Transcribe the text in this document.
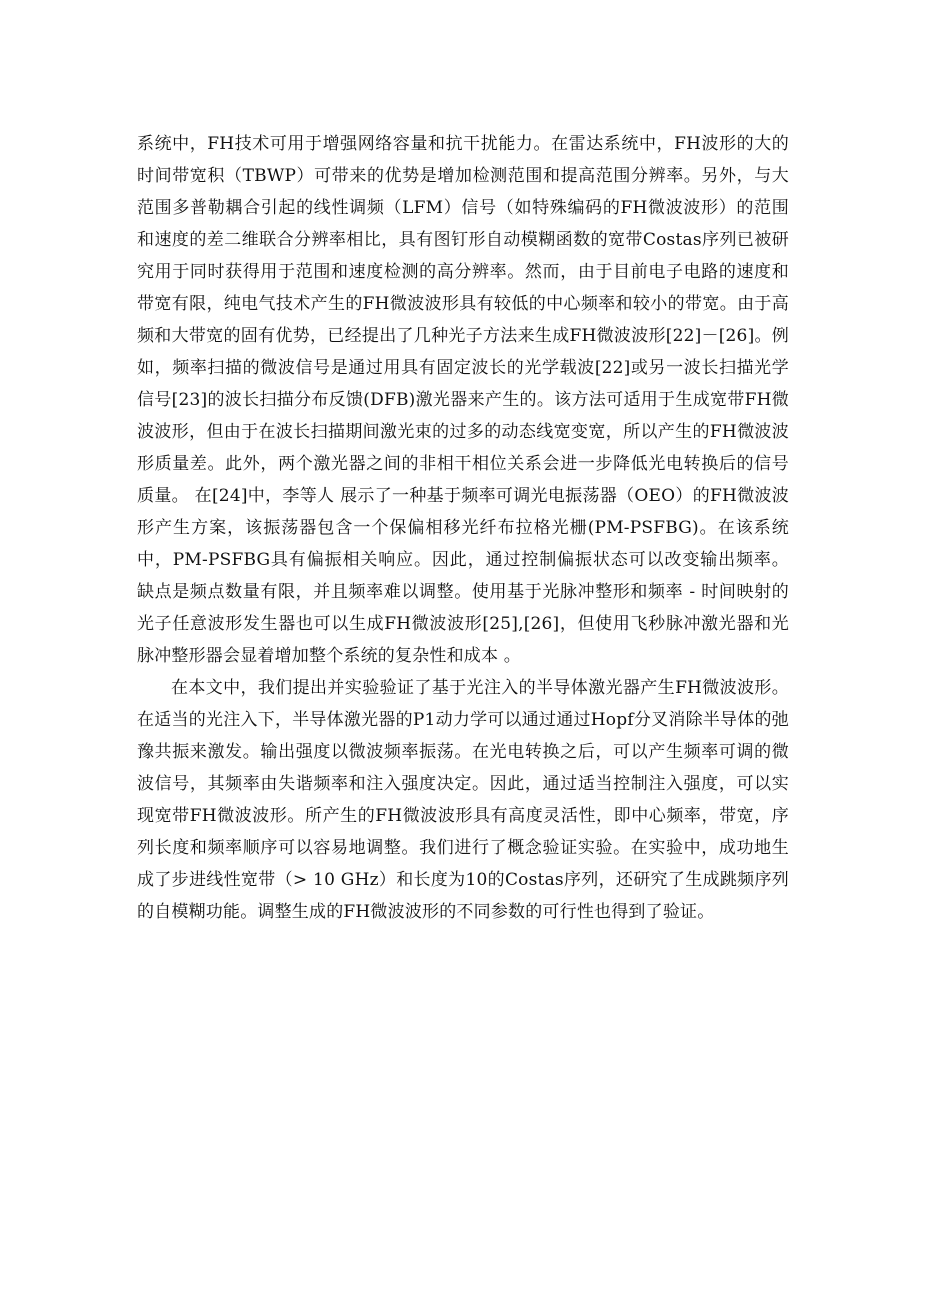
系统中，FH技术可用于增强网络容量和抗干扰能力。在雷达系统中，FH波形的大的时间带宽积（TBWP）可带来的优势是增加检测范围和提高范围分辨率。另外，与大范围多普勒耦合引起的线性调频（LFM）信号（如特殊编码的FH微波波形）的范围和速度的差二维联合分辨率相比，具有图钉形自动模糊函数的宽带Costas序列已被研究用于同时获得用于范围和速度检测的高分辨率。然而，由于目前电子电路的速度和带宽有限，纯电气技术产生的FH微波波形具有较低的中心频率和较小的带宽。由于高频和大带宽的固有优势，已经提出了几种光子方法来生成FH微波波形[22]－[26]。例如，频率扫描的微波信号是通过用具有固定波长的光学载波[22]或另一波长扫描光学信号[23]的波长扫描分布反馈(DFB)激光器来产生的。该方法可适用于生成宽带FH微波波形，但由于在波长扫描期间激光束的过多的动态线宽变宽，所以产生的FH微波波形质量差。此外，两个激光器之间的非相干相位关系会进一步降低光电转换后的信号质量。 在[24]中，李等人 展示了一种基于频率可调光电振荡器（OEO）的FH微波波形产生方案，该振荡器包含一个保偏相移光纤布拉格光栅(PM-PSFBG)。在该系统中，PM-PSFBG具有偏振相关响应。因此，通过控制偏振状态可以改变输出频率。 缺点是频点数量有限，并且频率难以调整。使用基于光脉冲整形和频率 - 时间映射的光子任意波形发生器也可以生成FH微波波形[25],[26]，但使用飞秒脉冲激光器和光脉冲整形器会显着增加整个系统的复杂性和成本 。

在本文中，我们提出并实验验证了基于光注入的半导体激光器产生FH微波波形。在适当的光注入下，半导体激光器的P1动力学可以通过通过Hopf分叉消除半导体的弛豫共振来激发。输出强度以微波频率振荡。在光电转换之后，可以产生频率可调的微波信号，其频率由失谐频率和注入强度决定。因此，通过适当控制注入强度，可以实现宽带FH微波波形。所产生的FH微波波形具有高度灵活性，即中心频率，带宽，序列长度和频率顺序可以容易地调整。我们进行了概念验证实验。在实验中，成功地生成了步进线性宽带（> 10 GHz）和长度为10的Costas序列，还研究了生成跳频序列的自模糊功能。调整生成的FH微波波形的不同参数的可行性也得到了验证。
